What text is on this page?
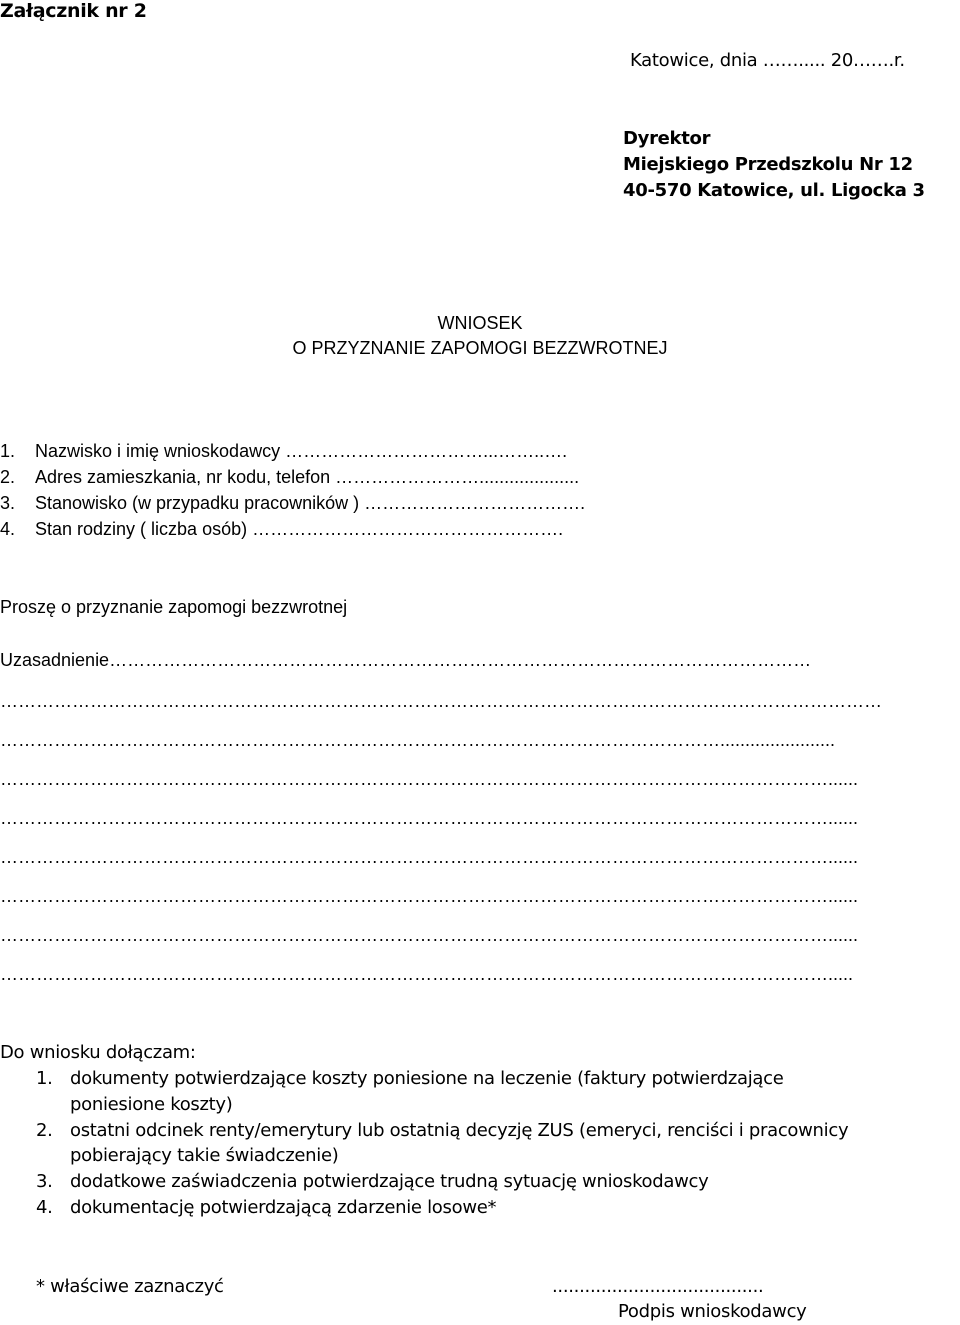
Załącznik nr 2
Katowice, dnia ……..... 20…….r.
Dyrektor
Miejskiego Przedszkolu Nr 12
40-570 Katowice, ul. Ligocka 3
WNIOSEK
O PRZYZNANIE ZAPOMOGI BEZZWROTNEJ
1. Nazwisko i imię wnioskodawcy ……………………………...……..….
2. Adres zamieszkania, nr kodu, telefon ……………………....................
3. Stanowisko (w przypadku pracowników ) ……………………………….
4. Stan rodziny ( liczba osób) …………………………………………….
Proszę o przyznanie zapomogi bezzwrotnej
Uzasadnienie………………………………………………………………………………………………………
…………………………………………………………………………………………………………………………………
………………………………………………………………………………………………………….......................
…………………………………………………………………………………………………………………………......
…………………………………………………………………………………………………………………………......
…………………………………………………………………………………………………………………………......
…………………………………………………………………………………………………………………………......
…………………………………………………………………………………………………………………………......
………………………………………………………………………………………………………………………….....
Do wniosku dołączam:
1. dokumenty potwierdzające koszty poniesione na leczenie (faktury potwierdzające
poniesione koszty)
2. ostatni odcinek renty/emerytury lub ostatnią decyzję ZUS (emeryci, renciści i pracownicy
pobierający takie świadczenie)
3. dodatkowe zaświadczenia potwierdzające trudną sytuację wnioskodawcy
4. dokumentację potwierdzającą zdarzenie losowe*
* właściwe zaznaczyć	.......................................
Podpis wnioskodawcy
